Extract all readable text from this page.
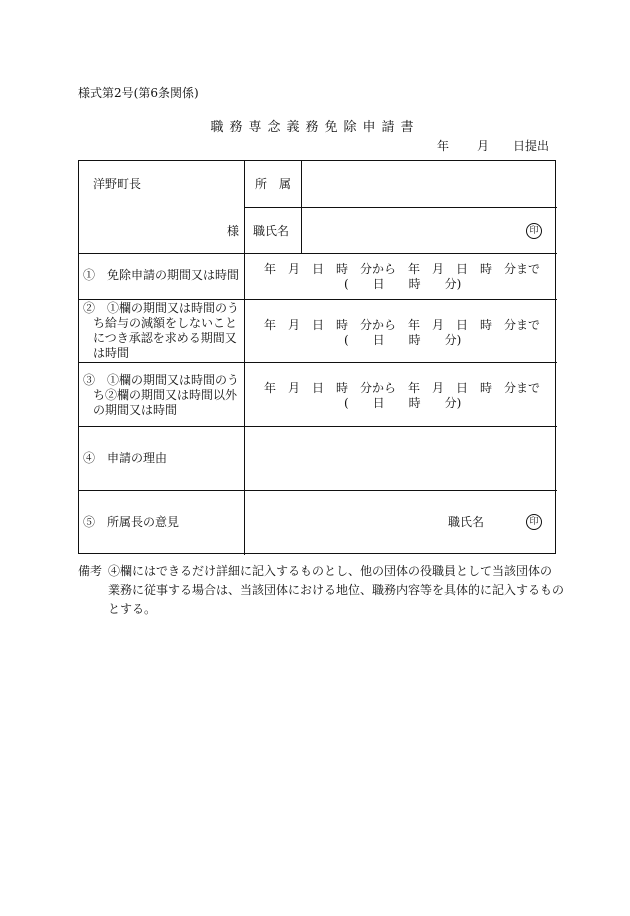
様式第2号(第6条関係)
職務専念義務免除申請書
年 月 日提出
洋野町長
様
所　属
職氏名	印
①　免除申請の期間又は時間 年　月　日　時　分から　年　月　日　時　分まで
(　　日　　時　　分)
②　①欄の期間又は時間のう
ち給与の減額をしないこと
につき承認を求める期間又
は時間
年　月　日　時　分から　年　月　日　時　分まで
(　　日　　時　　分)
③　①欄の期間又は時間のう
ち②欄の期間又は時間以外
の期間又は時間
年　月　日　時　分から　年　月　日　時　分まで
(　　日　　時　　分)
④　申請の理由
⑤　所属長の意見	職氏名	印
備考 ④欄にはできるだけ詳細に記入するものとし、他の団体の役職員として当該団体の
業務に従事する場合は、当該団体における地位、職務内容等を具体的に記入するもの
とする。
